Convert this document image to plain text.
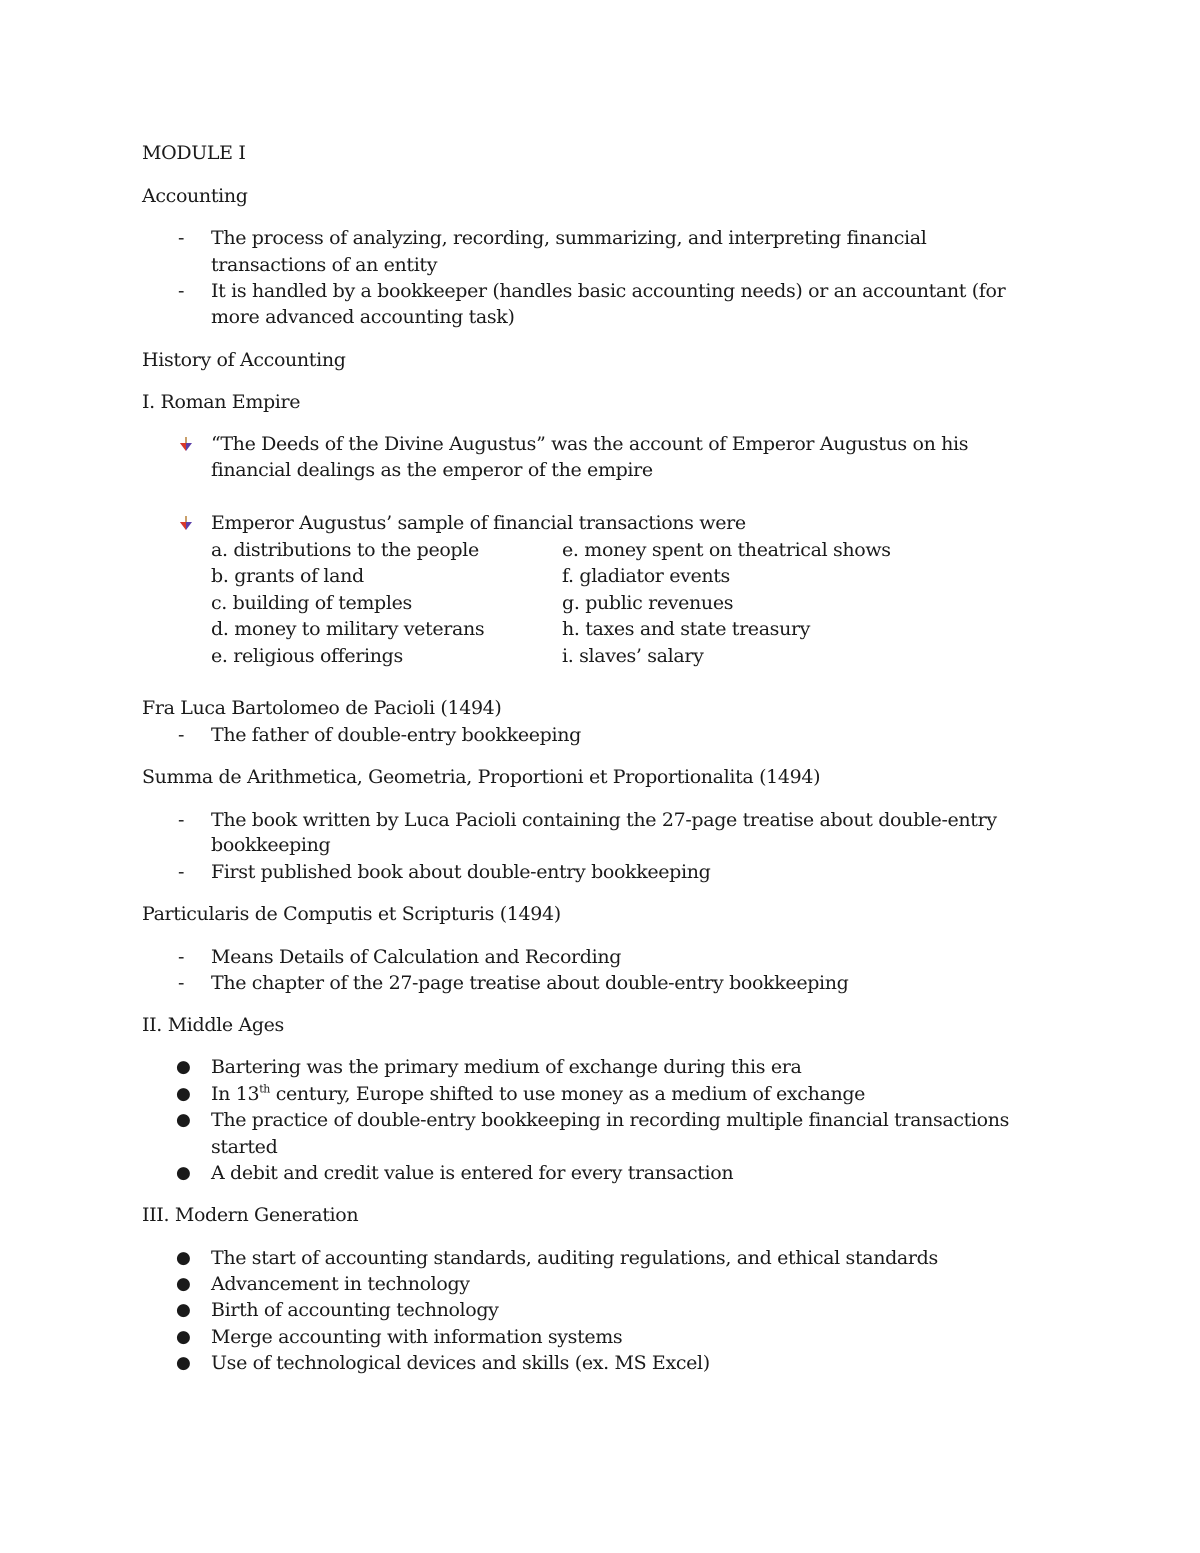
MODULE I
Accounting
-	The process of analyzing, recording, summarizing, and interpreting financial
transactions of an entity
-	It is handled by a bookkeeper (handles basic accounting needs) or an accountant (for
more advanced accounting task)
History of Accounting
I. Roman Empire
“The Deeds of the Divine Augustus” was the account of Emperor Augustus on his
financial dealings as the emperor of the empire
Emperor Augustus’ sample of financial transactions were
a. distributions to the people
b. grants of land
c. building of temples
d. money to military veterans
e. religious offerings
e. money spent on theatrical shows
f. gladiator events
g. public revenues
h. taxes and state treasury
i. slaves’ salary
Fra Luca Bartolomeo de Pacioli (1494)
-	The father of double-entry bookkeeping
Summa de Arithmetica, Geometria, Proportioni et Proportionalita (1494)
-	The book written by Luca Pacioli containing the 27-page treatise about double-entry
bookkeeping
-	First published book about double-entry bookkeeping
Particularis de Computis et Scripturis (1494)
-	Means Details of Calculation and Recording
-	The chapter of the 27-page treatise about double-entry bookkeeping
II. Middle Ages
● Bartering was the primary medium of exchange during this era
● In 13th century, Europe shifted to use money as a medium of exchange
● The practice of double-entry bookkeeping in recording multiple financial transactions
started
● A debit and credit value is entered for every transaction
III. Modern Generation
● The start of accounting standards, auditing regulations, and ethical standards
● Advancement in technology
● Birth of accounting technology
● Merge accounting with information systems
● Use of technological devices and skills (ex. MS Excel)
